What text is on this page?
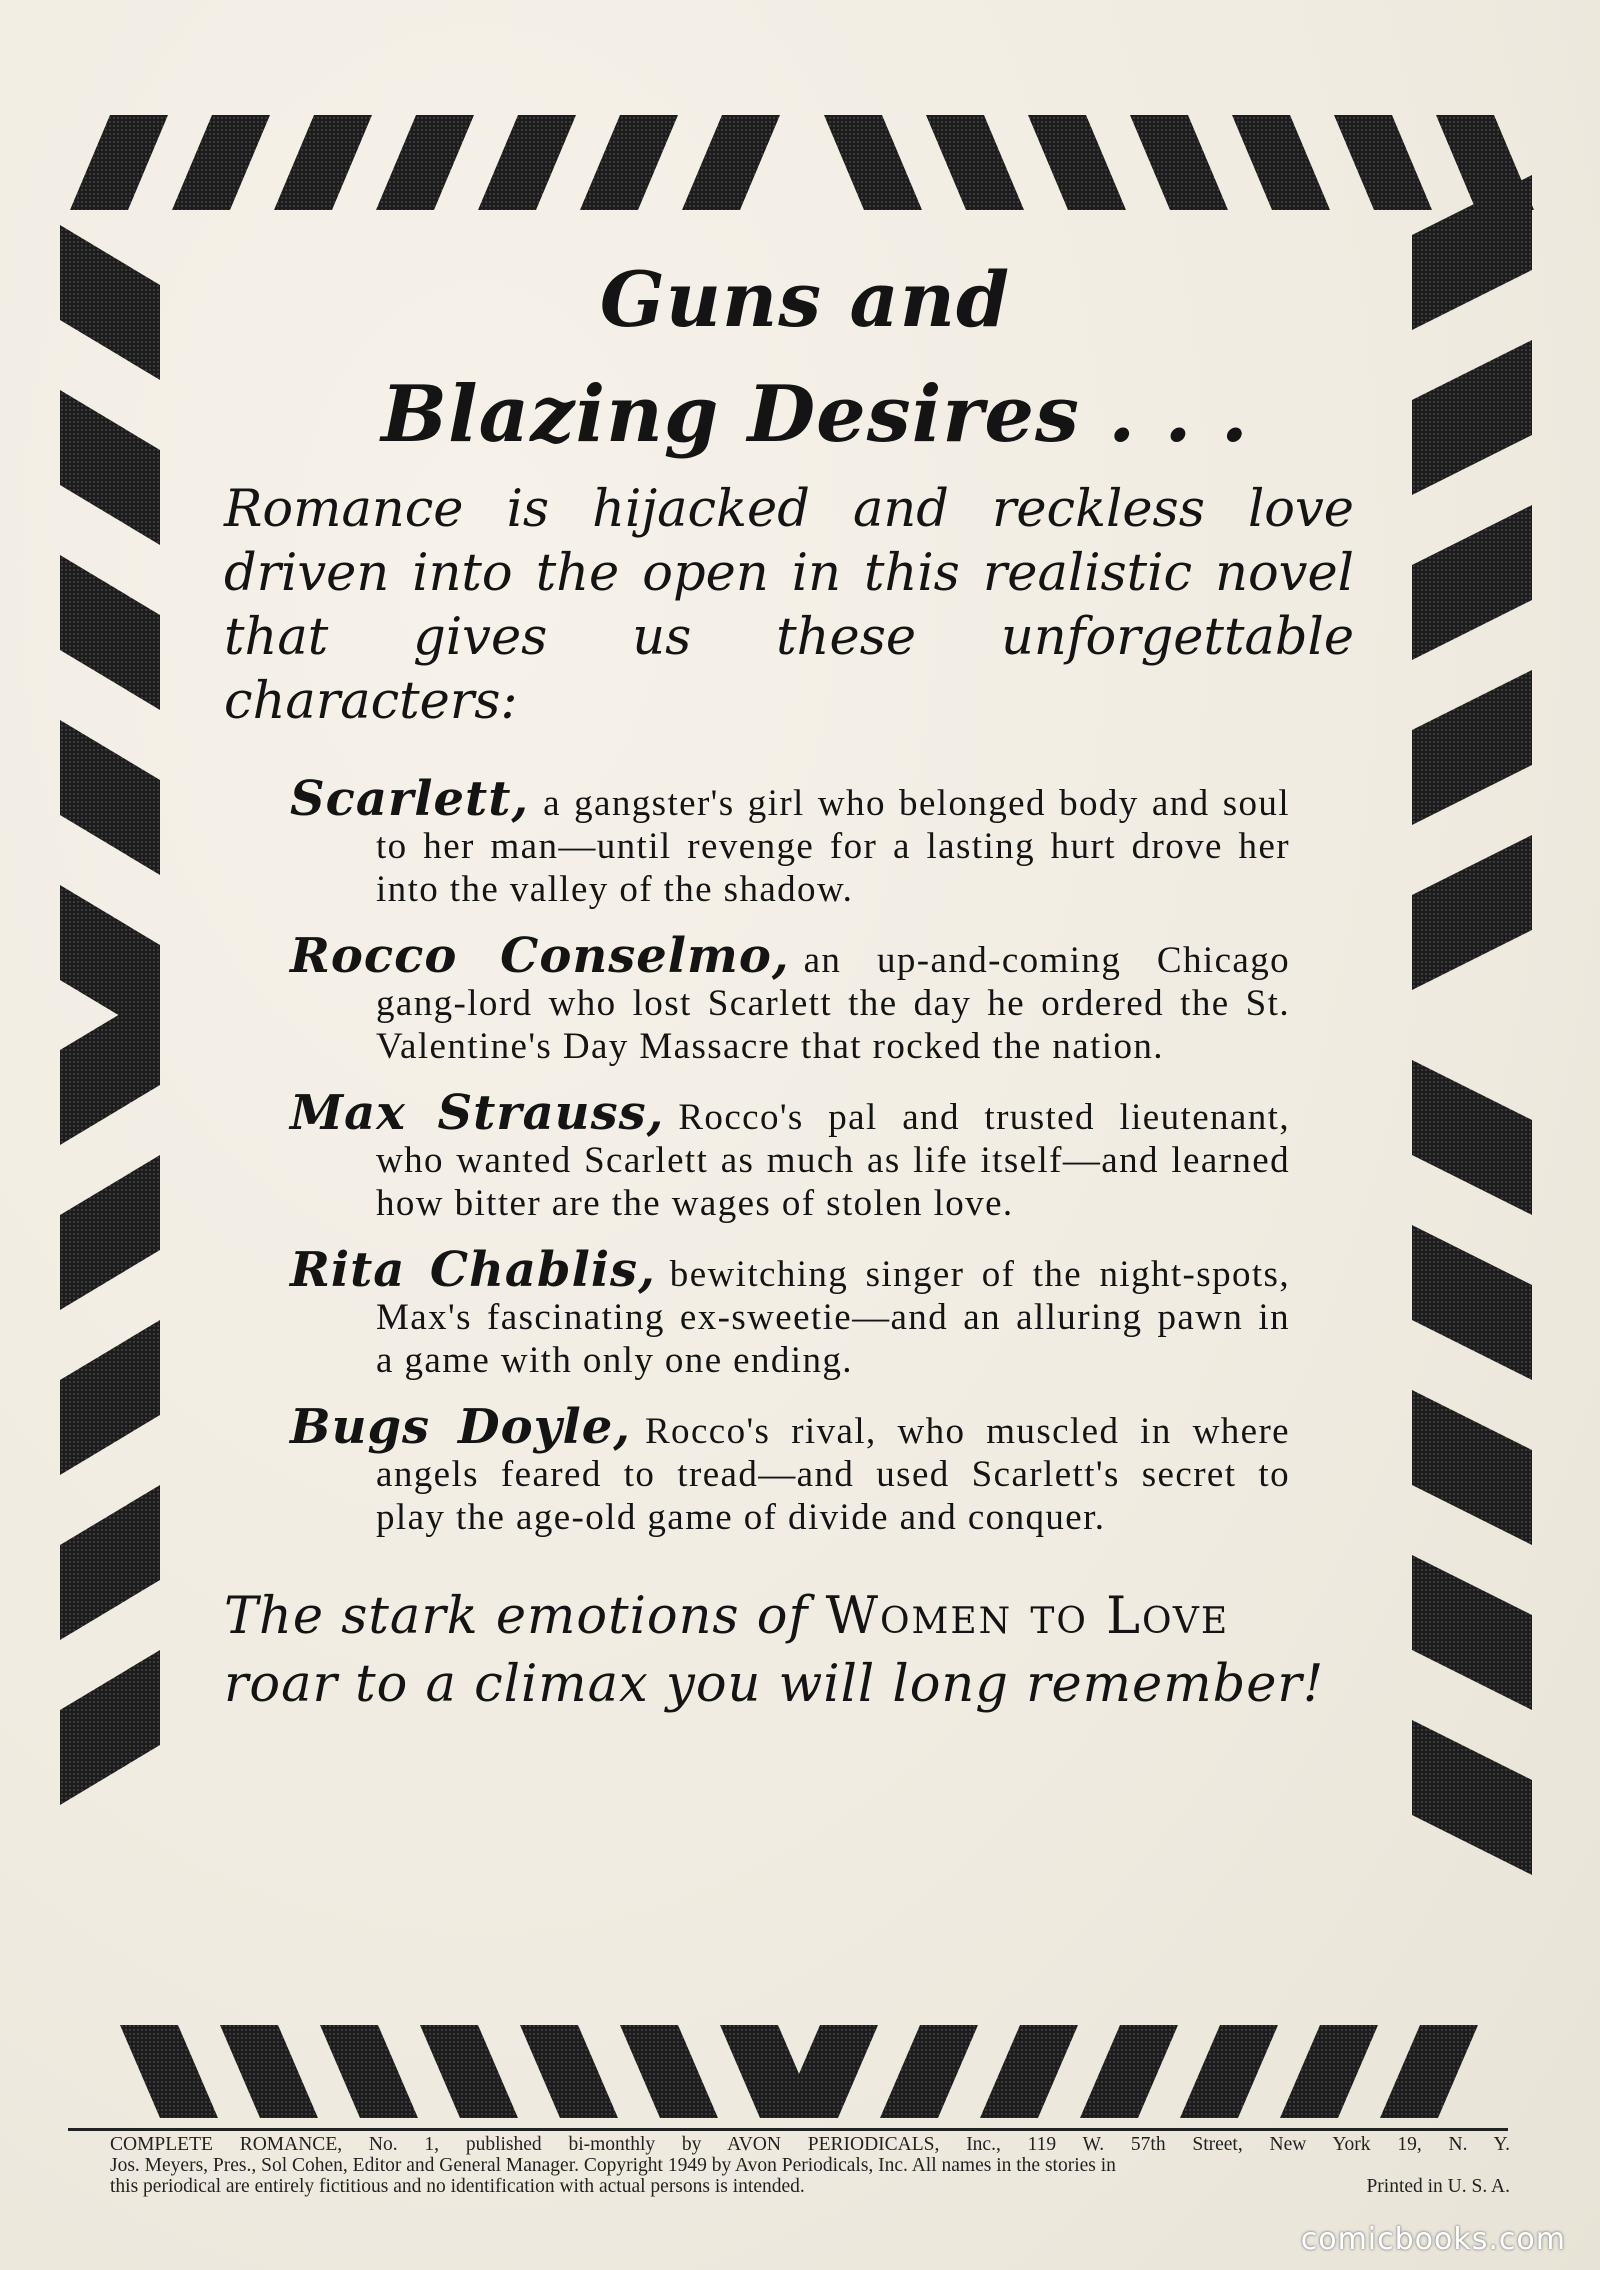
Guns and
Blazing Desires . . .

Romance is hijacked and reckless love driven into the open in this realistic novel that gives us these unforgettable characters:

Scarlett, a gangster's girl who belonged body and soul to her man—until revenge for a lasting hurt drove her into the valley of the shadow.

Rocco Conselmo, an up-and-coming Chicago gang-lord who lost Scarlett the day he ordered the St. Valentine's Day Massacre that rocked the nation.

Max Strauss, Rocco's pal and trusted lieutenant, who wanted Scarlett as much as life itself—and learned how bitter are the wages of stolen love.

Rita Chablis, bewitching singer of the night-spots, Max's fascinating ex-sweetie—and an alluring pawn in a game with only one ending.

Bugs Doyle, Rocco's rival, who muscled in where angels feared to tread—and used Scarlett's secret to play the age-old game of divide and conquer.

The stark emotions of Women to Love roar to a climax you will long remember!

COMPLETE ROMANCE, No. 1, published bi-monthly by AVON PERIODICALS, Inc., 119 W. 57th Street, New York 19, N. Y.
Jos. Meyers, Pres., Sol Cohen, Editor and General Manager. Copyright 1949 by Avon Periodicals, Inc. All names in the stories in
this periodical are entirely fictitious and no identification with actual persons is intended.	Printed in U. S. A.
comicbooks.com
